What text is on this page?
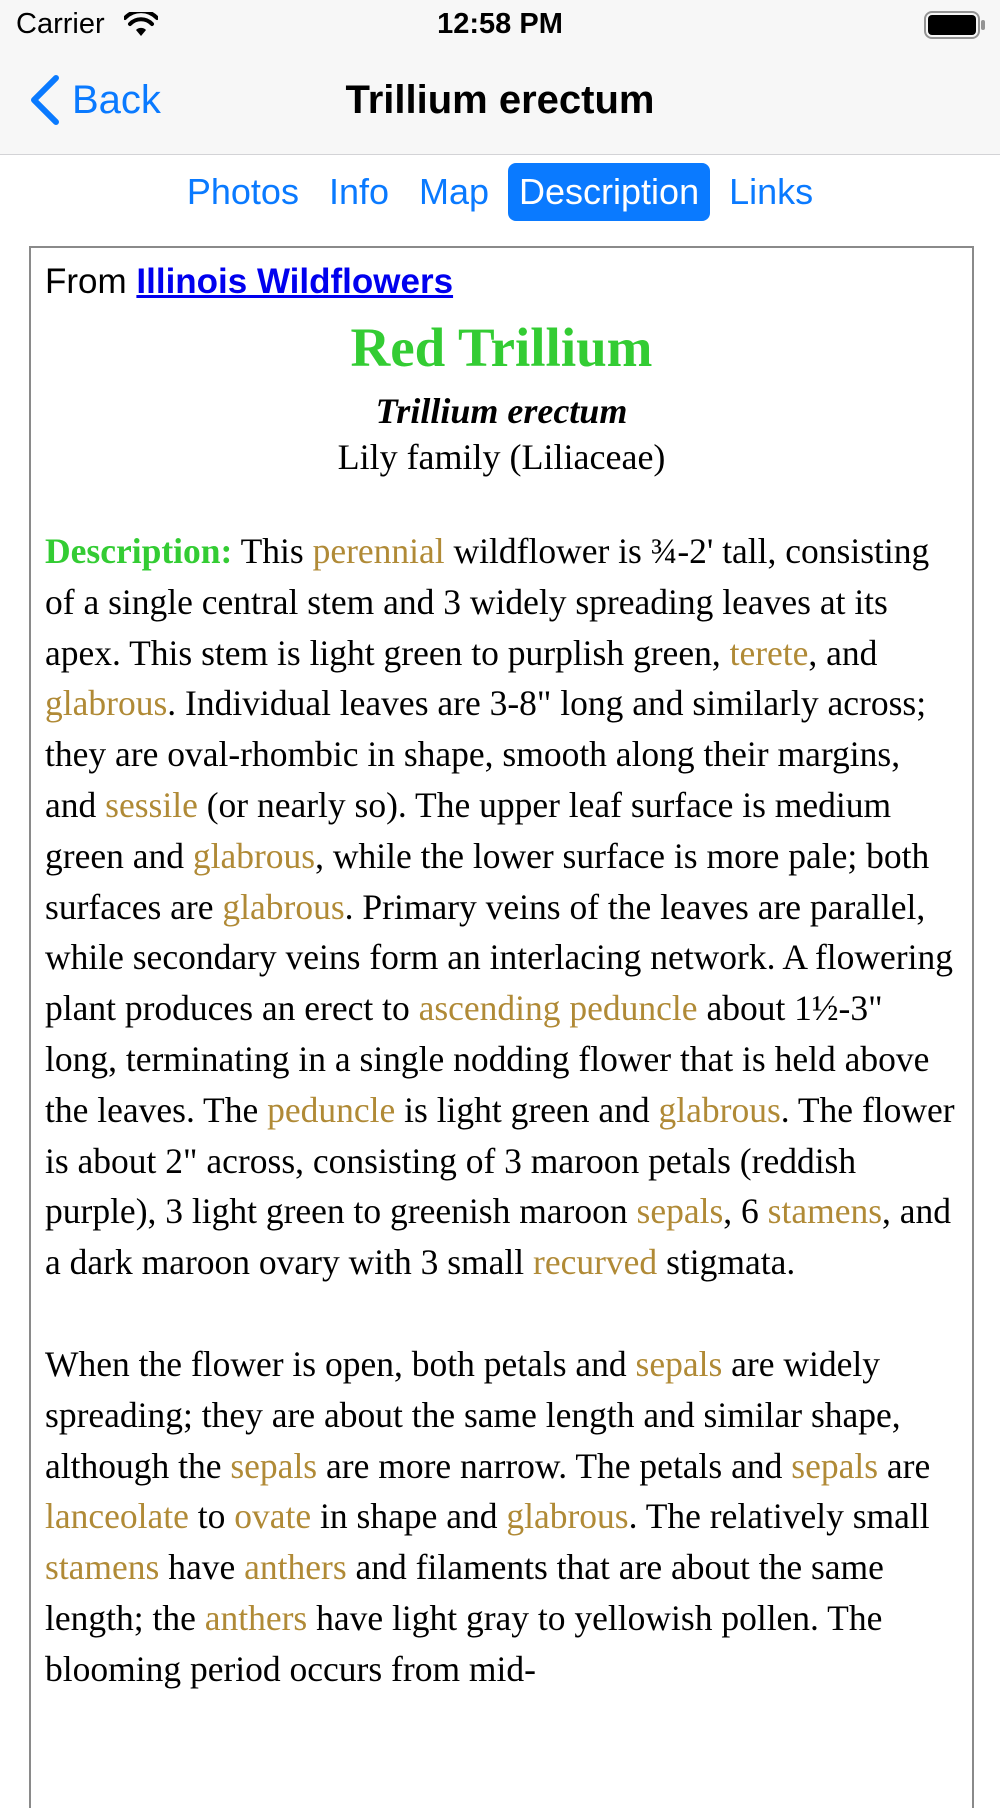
Carrier	12:58 PM
Back	Trillium erectum
Photos Info Map Description Links
From Illinois Wildflowers
Red Trillium
Trillium erectum
Lily family (Liliaceae)

Description: This perennial wildflower is ¾-2' tall, consisting of a single central stem and 3 widely spreading leaves at its apex. This stem is light green to purplish green, terete, and glabrous. Individual leaves are 3-8" long and similarly across; they are oval-rhombic in shape, smooth along their margins, and sessile (or nearly so). The upper leaf surface is medium green and glabrous, while the lower surface is more pale; both surfaces are glabrous. Primary veins of the leaves are parallel, while secondary veins form an interlacing network. A flowering plant produces an erect to ascending peduncle about 1½-3" long, terminating in a single nodding flower that is held above the leaves. The peduncle is light green and glabrous. The flower is about 2" across, consisting of 3 maroon petals (reddish purple), 3 light green to greenish maroon sepals, 6 stamens, and a dark maroon ovary with 3 small recurved stigmata.

When the flower is open, both petals and sepals are widely spreading; they are about the same length and similar shape, although the sepals are more narrow. The petals and sepals are lanceolate to ovate in shape and glabrous. The relatively small stamens have anthers and filaments that are about the same length; the anthers have light gray to yellowish pollen. The blooming period occurs from mid-
